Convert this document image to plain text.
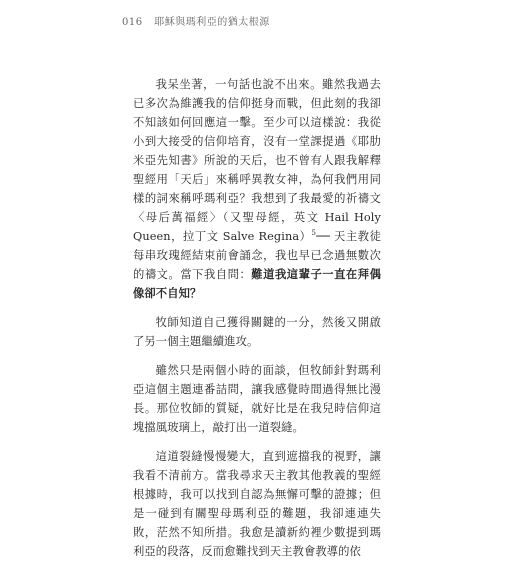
016 耶穌與瑪利亞的猶太根源

我呆坐著，一句話也說不出來。雖然我過去已多次為維護我的信仰挺身而戰，但此刻的我卻不知該如何回應這一擊。至少可以這樣說：我從小到大接受的信仰培育，沒有一堂課提過《耶肋米亞先知書》所說的天后，也不曾有人跟我解釋聖經用「天后」來稱呼異教女神，為何我們用同樣的詞來稱呼瑪利亞？我想到了我最愛的祈禱文〈母后萬福經〉（又聖母經，英文 Hail Holy Queen，拉丁文 Salve Regina）$^5$── 天主教徒每串玫瑰經結束前會誦念，我也早已念過無數次的禱文。當下我自問：難道我這輩子一直在拜偶像卻不自知？

牧師知道自己獲得關鍵的一分，然後又開啟了另一個主題繼續進攻。

雖然只是兩個小時的面談，但牧師針對瑪利亞這個主題連番詰問，讓我感覺時間過得無比漫長。那位牧師的質疑，就好比是在我兒時信仰這塊擋風玻璃上，敲打出一道裂縫。

這道裂縫慢慢變大，直到遮擋我的視野，讓我看不清前方。當我尋求天主教其他教義的聖經根據時，我可以找到自認為無懈可擊的證據；但是一碰到有關聖母瑪利亞的難題，我卻連連失敗，茫然不知所措。我愈是讀新約裡少數提到瑪利亞的段落，反而愈難找到天主教會教導的依
